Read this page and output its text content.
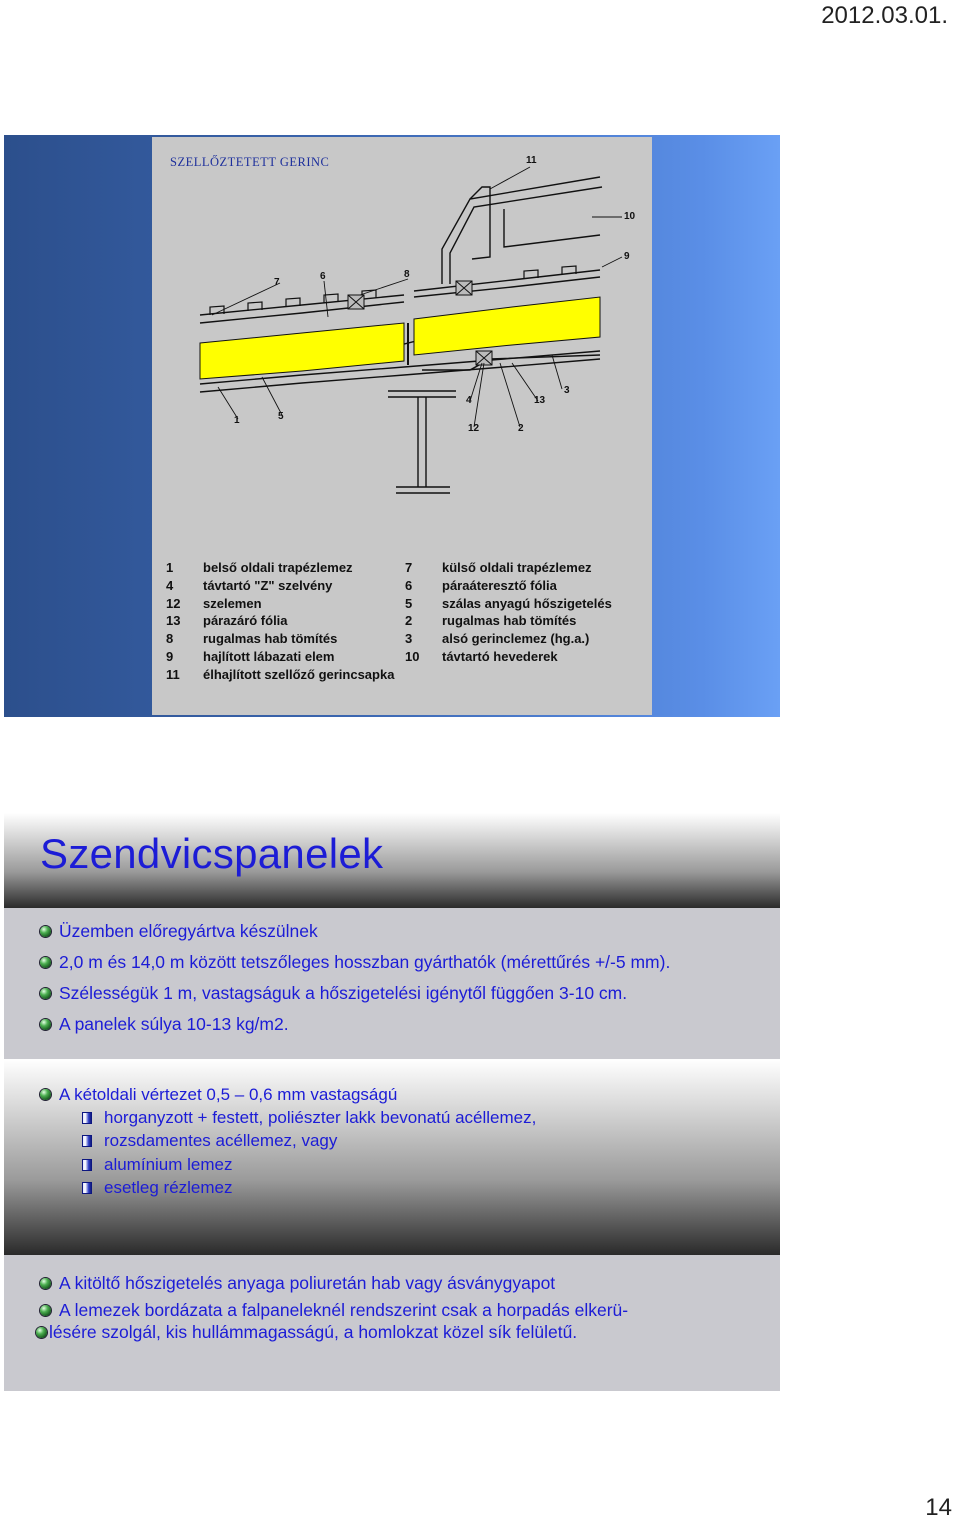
2012.03.01.
SZELLŐZTETETT GERINC	11
10
9
7
6	8
3
4	13
12	2
1	5
1	belső oldali trapézlemez	7	külső oldali trapézlemez
4	távtartó "Z" szelvény	6	páraáteresztő fólia
12	szelemen	5	szálas anyagú hőszigetelés
13	párazáró fólia	2	rugalmas hab tömítés
8	rugalmas hab tömítés	3	alsó gerinclemez (hg.a.)
9	hajlított lábazati elem	10	távtartó hevederek
11	élhajlított szellőző gerincsapka
Szendvicspanelek
Üzemben előregyártva készülnek
2,0 m és 14,0 m között tetszőleges hosszban gyárthatók (mérettűrés +/-5 mm).
Szélességük 1 m, vastagságuk a hőszigetelési igénytől függően 3-10 cm.
A panelek súlya 10-13 kg/m2.
A kétoldali vértezet 0,5 – 0,6 mm vastagságú
horganyzott + festett, poliészter lakk bevonatú acéllemez,
rozsdamentes acéllemez, vagy
alumínium lemez
esetleg rézlemez
A kitöltő hőszigetelés anyaga poliuretán hab vagy ásványgyapot
A lemezek bordázata a falpaneleknél rendszerint csak a horpadás elkerü-
lésére szolgál, kis hullámmagasságú, a homlokzat közel sík felületű.
14
